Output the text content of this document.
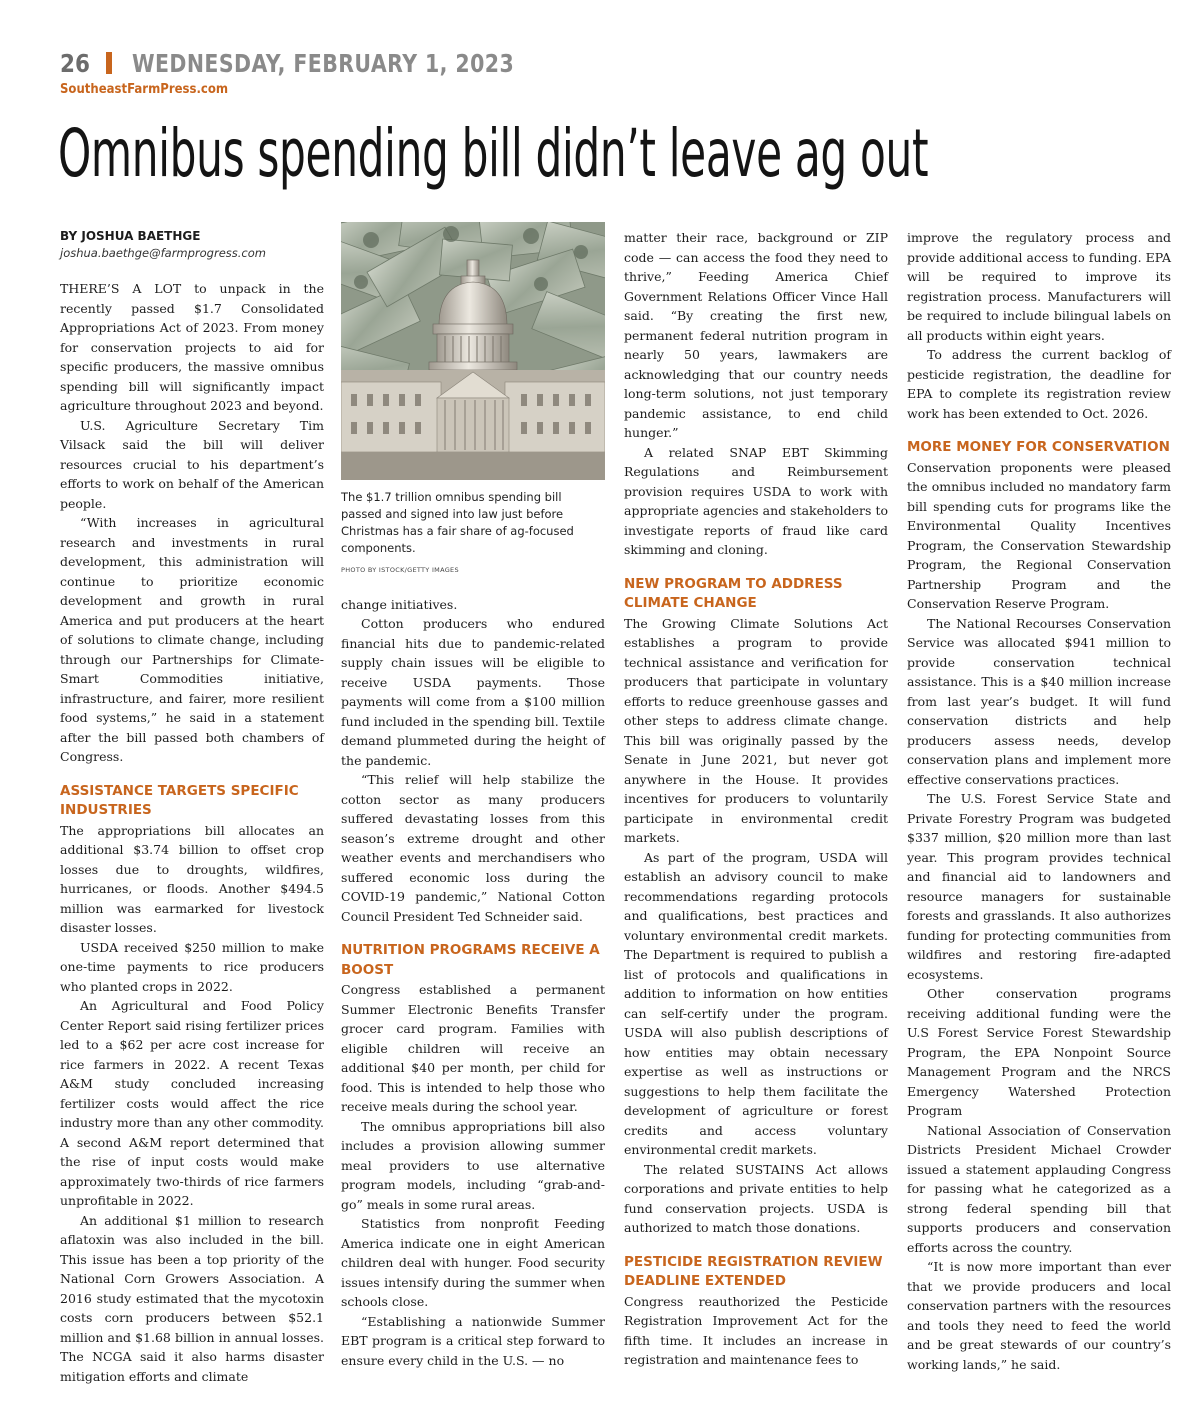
26 WEDNESDAY, FEBRUARY 1, 2023
SoutheastFarmPress.com
Omnibus spending bill didn’t leave ag out
BY JOSHUA BAETHGE
joshua.baethge@farmprogress.com

THERE’S A LOT to unpack in the recently passed $1.7 Consolidated Appropriations Act of 2023. From money for conservation projects to aid for specific producers, the massive omnibus spending bill will significantly impact agriculture throughout 2023 and beyond.

U.S. Agriculture Secretary Tim Vilsack said the bill will deliver resources crucial to his department’s efforts to work on behalf of the American people.

“With increases in agricultural research and investments in rural development, this administration will continue to prioritize economic development and growth in rural America and put producers at the heart of solutions to climate change, including through our Partnerships for Climate-Smart Commodities initiative, infrastructure, and fairer, more resilient food systems,” he said in a statement after the bill passed both chambers of Congress.

ASSISTANCE TARGETS SPECIFIC INDUSTRIES

The appropriations bill allocates an additional $3.74 billion to offset crop losses due to droughts, wildfires, hurricanes, or floods. Another $494.5 million was earmarked for livestock disaster losses.

USDA received $250 million to make one-time payments to rice producers who planted crops in 2022.

An Agricultural and Food Policy Center Report said rising fertilizer prices led to a $62 per acre cost increase for rice farmers in 2022. A recent Texas A&M study concluded increasing fertilizer costs would affect the rice industry more than any other commodity. A second A&M report determined that the rise of input costs would make approximately two-thirds of rice farmers unprofitable in 2022.

An additional $1 million to research aflatoxin was also included in the bill. This issue has been a top priority of the National Corn Growers Association. A 2016 study estimated that the mycotoxin costs corn producers between $52.1 million and $1.68 billion in annual losses. The NCGA said it also harms disaster mitigation efforts and climate

The $1.7 trillion omnibus spending bill passed and signed into law just before Christmas has a fair share of ag-focused components.
PHOTO BY ISTOCK/GETTY IMAGES

change initiatives.

Cotton producers who endured financial hits due to pandemic-related supply chain issues will be eligible to receive USDA payments. Those payments will come from a $100 million fund included in the spending bill. Textile demand plummeted during the height of the pandemic.

“This relief will help stabilize the cotton sector as many producers suffered devastating losses from this season’s extreme drought and other weather events and merchandisers who suffered economic loss during the COVID-19 pandemic,” National Cotton Council President Ted Schneider said.

NUTRITION PROGRAMS RECEIVE A BOOST

Congress established a permanent Summer Electronic Benefits Transfer grocer card program. Families with eligible children will receive an additional $40 per month, per child for food. This is intended to help those who receive meals during the school year.

The omnibus appropriations bill also includes a provision allowing summer meal providers to use alternative program models, including “grab-and-go” meals in some rural areas.

Statistics from nonprofit Feeding America indicate one in eight American children deal with hunger. Food security issues intensify during the summer when schools close.

“Establishing a nationwide Summer EBT program is a critical step forward to ensure every child in the U.S. — no

matter their race, background or ZIP code — can access the food they need to thrive,” Feeding America Chief Government Relations Officer Vince Hall said. “By creating the first new, permanent federal nutrition program in nearly 50 years, lawmakers are acknowledging that our country needs long-term solutions, not just temporary pandemic assistance, to end child hunger.”

A related SNAP EBT Skimming Regulations and Reimbursement provision requires USDA to work with appropriate agencies and stakeholders to investigate reports of fraud like card skimming and cloning.

NEW PROGRAM TO ADDRESS CLIMATE CHANGE

The Growing Climate Solutions Act establishes a program to provide technical assistance and verification for producers that participate in voluntary efforts to reduce greenhouse gasses and other steps to address climate change. This bill was originally passed by the Senate in June 2021, but never got anywhere in the House. It provides incentives for producers to voluntarily participate in environmental credit markets.

As part of the program, USDA will establish an advisory council to make recommendations regarding protocols and qualifications, best practices and voluntary environmental credit markets. The Department is required to publish a list of protocols and qualifications in addition to information on how entities can self-certify under the program. USDA will also publish descriptions of how entities may obtain necessary expertise as well as instructions or suggestions to help them facilitate the development of agriculture or forest credits and access voluntary environmental credit markets.

The related SUSTAINS Act allows corporations and private entities to help fund conservation projects. USDA is authorized to match those donations.

PESTICIDE REGISTRATION REVIEW DEADLINE EXTENDED

Congress reauthorized the Pesticide Registration Improvement Act for the fifth time. It includes an increase in registration and maintenance fees to

improve the regulatory process and provide additional access to funding. EPA will be required to improve its registration process. Manufacturers will be required to include bilingual labels on all products within eight years.

To address the current backlog of pesticide registration, the deadline for EPA to complete its registration review work has been extended to Oct. 2026.

MORE MONEY FOR CONSERVATION

Conservation proponents were pleased the omnibus included no mandatory farm bill spending cuts for programs like the Environmental Quality Incentives Program, the Conservation Stewardship Program, the Regional Conservation Partnership Program and the Conservation Reserve Program.

The National Recourses Conservation Service was allocated $941 million to provide conservation technical assistance. This is a $40 million increase from last year’s budget. It will fund conservation districts and help producers assess needs, develop conservation plans and implement more effective conservations practices.

The U.S. Forest Service State and Private Forestry Program was budgeted $337 million, $20 million more than last year. This program provides technical and financial aid to landowners and resource managers for sustainable forests and grasslands. It also authorizes funding for protecting communities from wildfires and restoring fire-adapted ecosystems.

Other conservation programs receiving additional funding were the U.S Forest Service Forest Stewardship Program, the EPA Nonpoint Source Management Program and the NRCS Emergency Watershed Protection Program

National Association of Conservation Districts President Michael Crowder issued a statement applauding Congress for passing what he categorized as a strong federal spending bill that supports producers and conservation efforts across the country.

“It is now more important than ever that we provide producers and local conservation partners with the resources and tools they need to feed the world and be great stewards of our country’s working lands,” he said.
